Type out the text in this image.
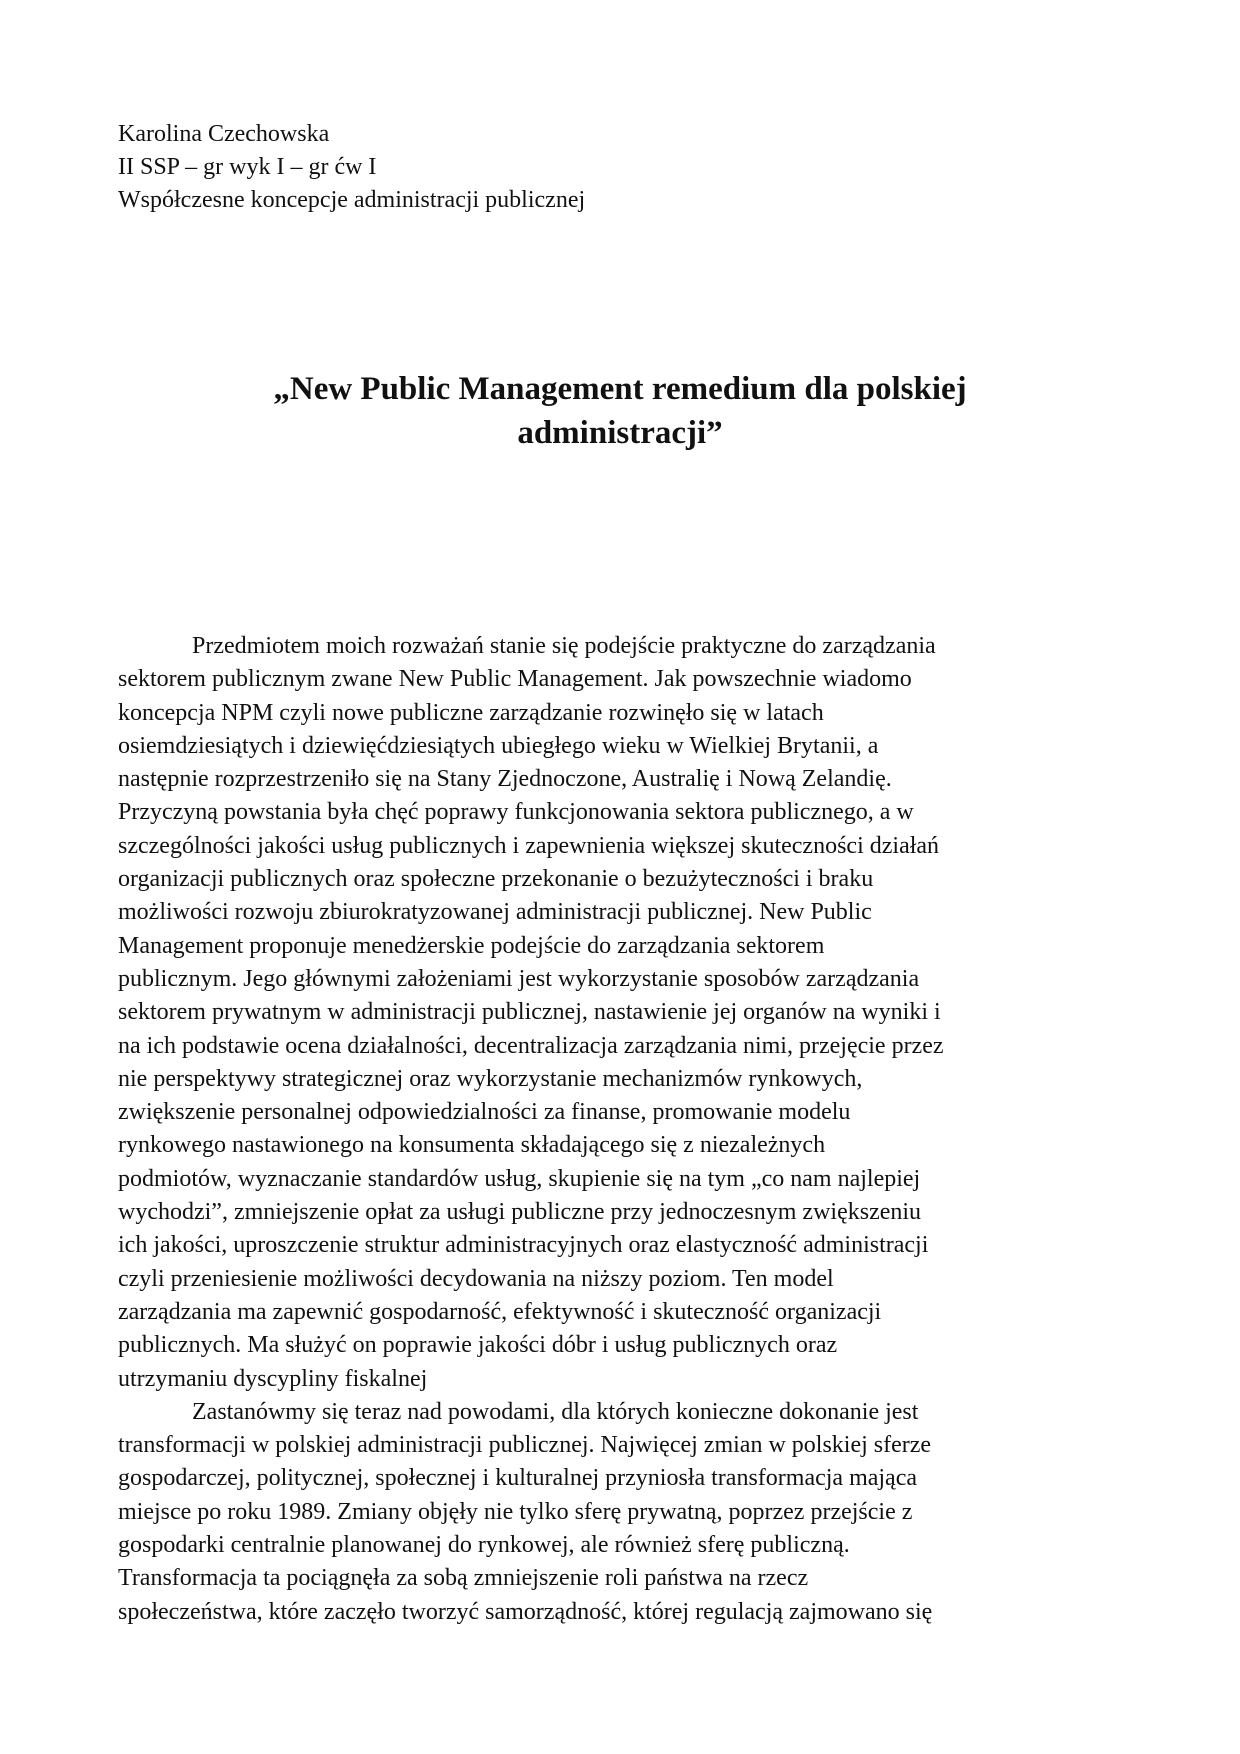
Karolina Czechowska
II SSP – gr wyk I – gr ćw I
Współczesne koncepcje administracji publicznej
„New Public Management remedium dla polskiej
administracji”
Przedmiotem moich rozważań stanie się podejście praktyczne do zarządzania
sektorem publicznym zwane New Public Management. Jak powszechnie wiadomo
koncepcja NPM czyli nowe publiczne zarządzanie rozwinęło się w latach
osiemdziesiątych i dziewięćdziesiątych ubiegłego wieku w Wielkiej Brytanii, a
następnie rozprzestrzeniło się na Stany Zjednoczone, Australię i Nową Zelandię.
Przyczyną powstania była chęć poprawy funkcjonowania sektora publicznego, a w
szczególności jakości usług publicznych i zapewnienia większej skuteczności działań
organizacji publicznych oraz społeczne przekonanie o bezużyteczności i braku
możliwości rozwoju zbiurokratyzowanej administracji publicznej. New Public
Management proponuje menedżerskie podejście do zarządzania sektorem
publicznym. Jego głównymi założeniami jest wykorzystanie sposobów zarządzania
sektorem prywatnym w administracji publicznej, nastawienie jej organów na wyniki i
na ich podstawie ocena działalności, decentralizacja zarządzania nimi, przejęcie przez
nie perspektywy strategicznej oraz wykorzystanie mechanizmów rynkowych,
zwiększenie personalnej odpowiedzialności za finanse, promowanie modelu
rynkowego nastawionego na konsumenta składającego się z niezależnych
podmiotów, wyznaczanie standardów usług, skupienie się na tym „co nam najlepiej
wychodzi”, zmniejszenie opłat za usługi publiczne przy jednoczesnym zwiększeniu
ich jakości, uproszczenie struktur administracyjnych oraz elastyczność administracji
czyli przeniesienie możliwości decydowania na niższy poziom. Ten model
zarządzania ma zapewnić gospodarność, efektywność i skuteczność organizacji
publicznych. Ma służyć on poprawie jakości dóbr i usług publicznych oraz
utrzymaniu dyscypliny fiskalnej
Zastanówmy się teraz nad powodami, dla których konieczne dokonanie jest
transformacji w polskiej administracji publicznej. Najwięcej zmian w polskiej sferze
gospodarczej, politycznej, społecznej i kulturalnej przyniosła transformacja mająca
miejsce po roku 1989. Zmiany objęły nie tylko sferę prywatną, poprzez przejście z
gospodarki centralnie planowanej do rynkowej, ale również sferę publiczną.
Transformacja ta pociągnęła za sobą zmniejszenie roli państwa na rzecz
społeczeństwa, które zaczęło tworzyć samorządność, której regulacją zajmowano się
